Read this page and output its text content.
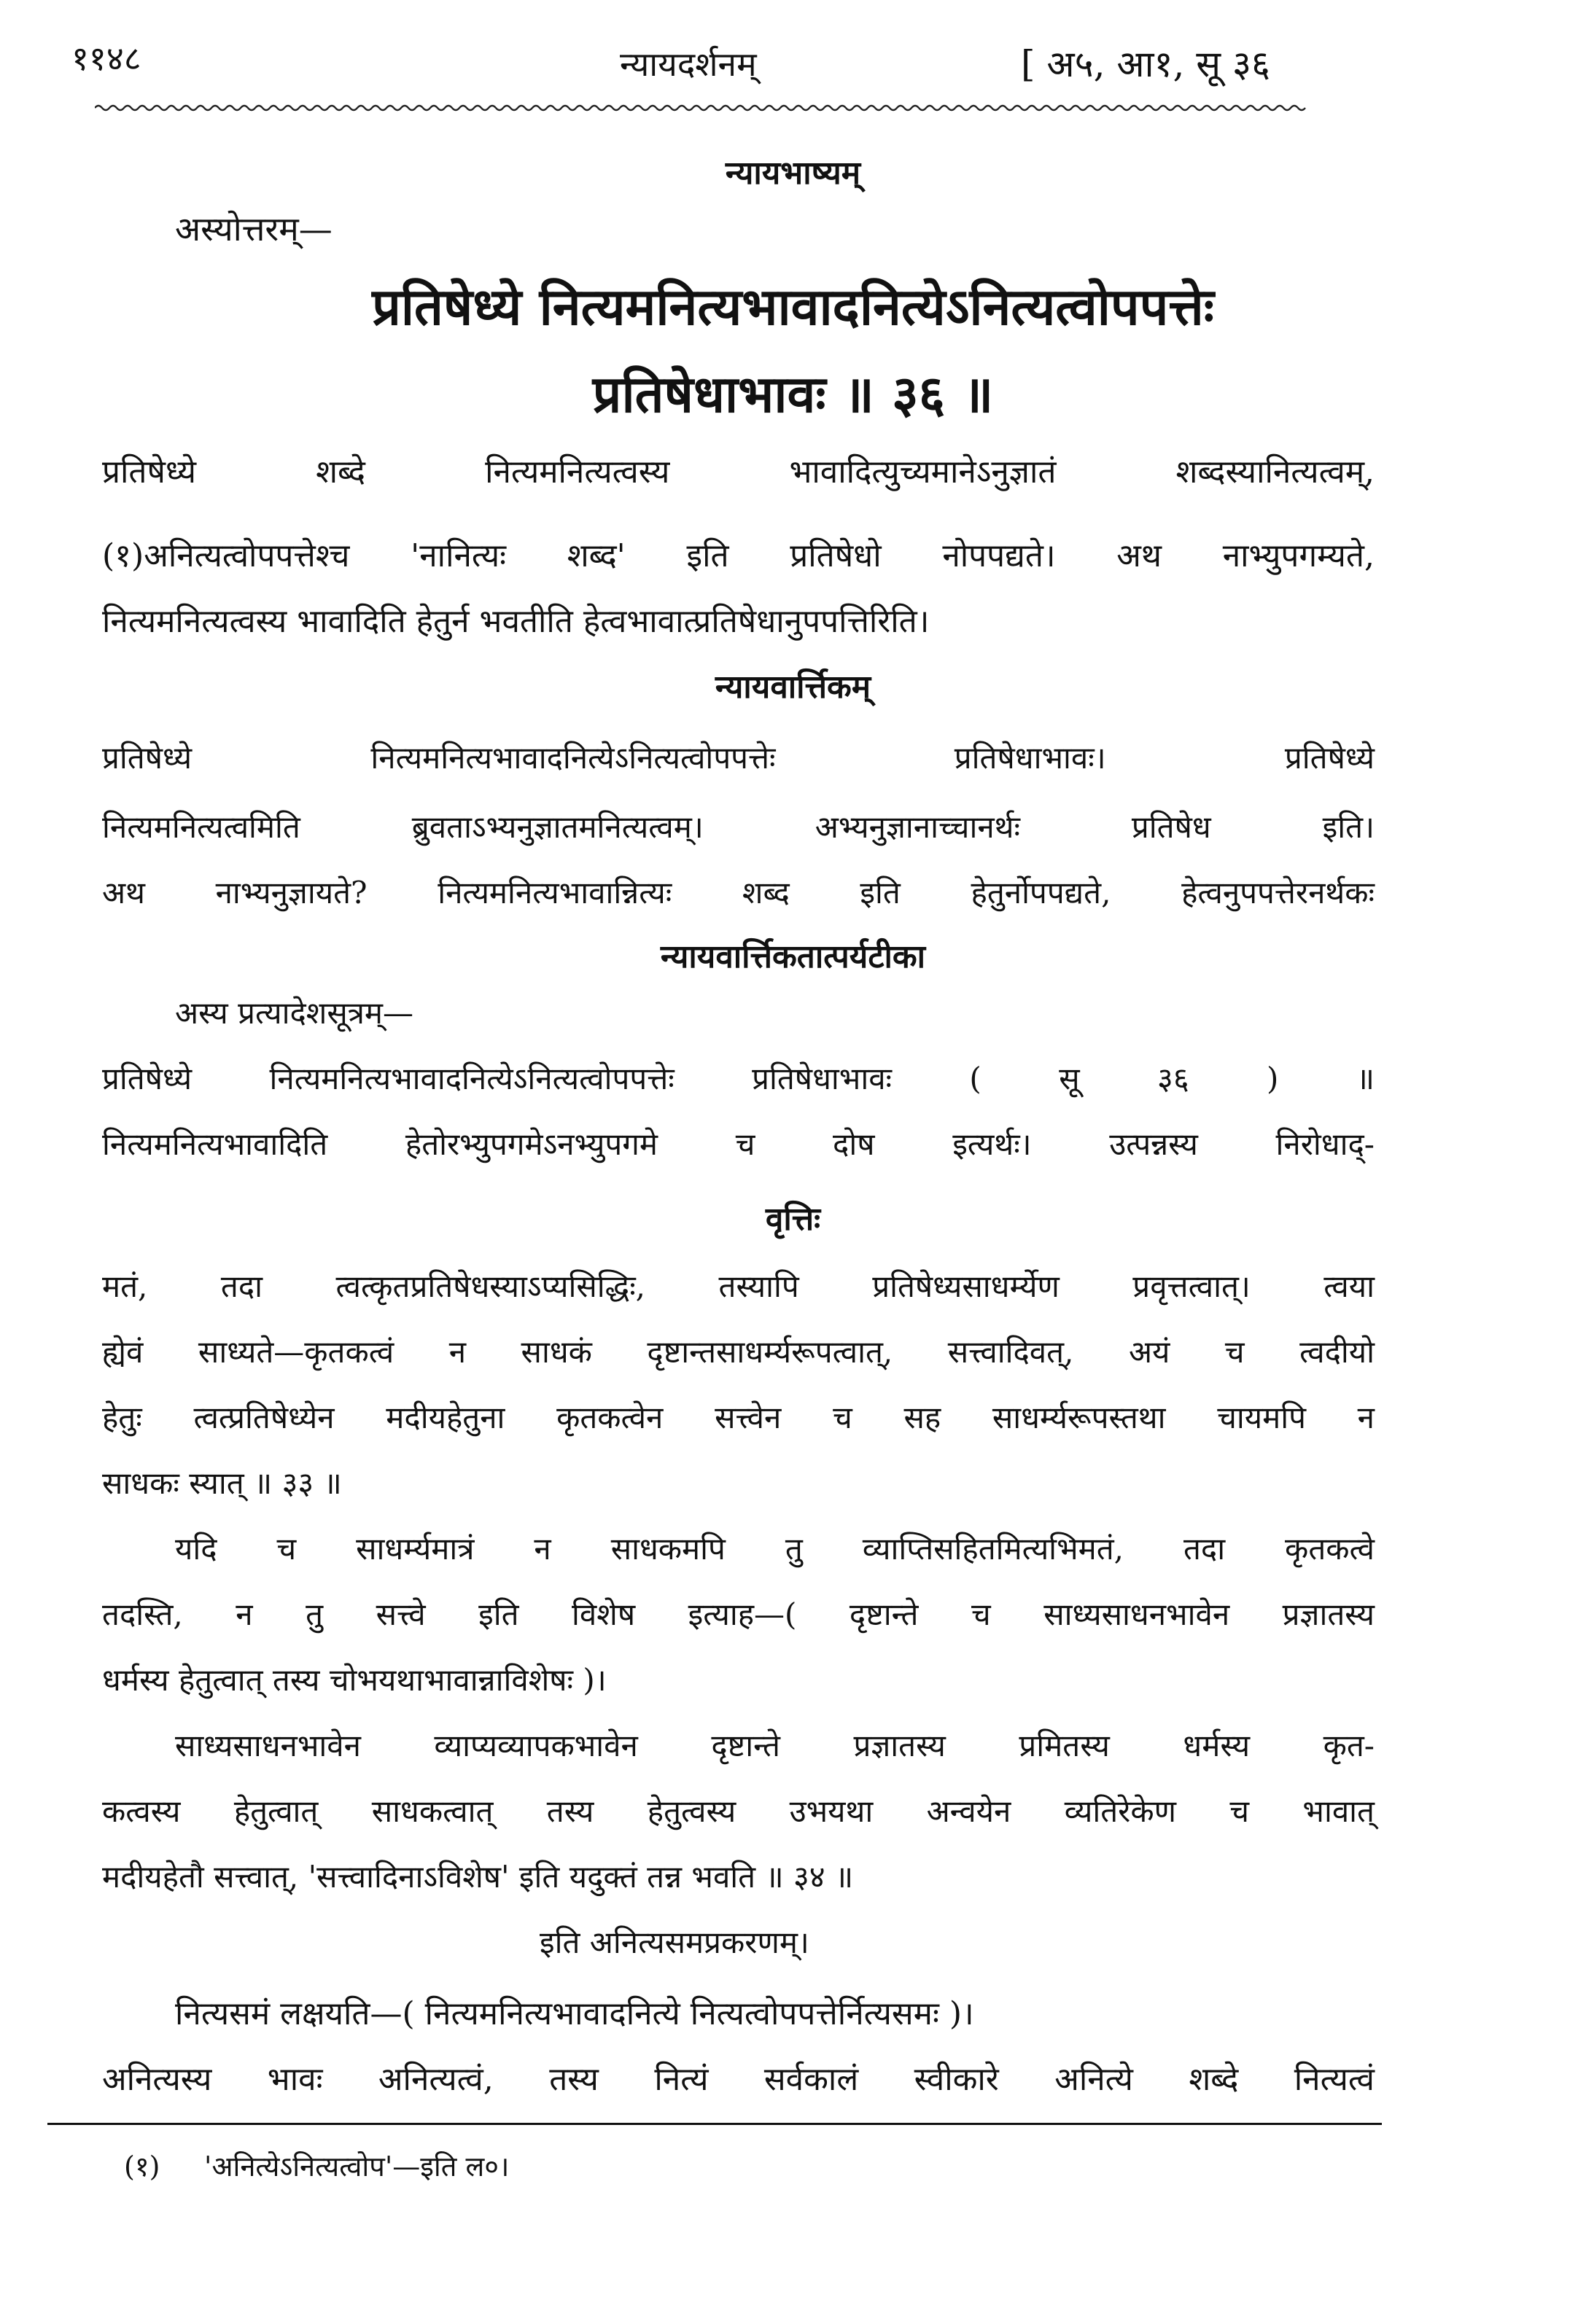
११४८	न्यायदर्शनम्	[ अ५, आ१, सू ३६
न्यायभाष्यम्
अस्योत्तरम्—
प्रतिषेध्ये नित्यमनित्यभावादनित्येऽनित्यत्वोपपत्तेः
प्रतिषेधाभावः ॥ ३६ ॥
प्रतिषेध्ये शब्दे नित्यमनित्यत्वस्य भावादित्युच्यमानेऽनुज्ञातं शब्दस्यानित्यत्वम्,
(१)अनित्यत्वोपपत्तेश्च 'नानित्यः शब्द' इति प्रतिषेधो नोपपद्यते। अथ नाभ्युपगम्यते,
नित्यमनित्यत्वस्य भावादिति हेतुर्न भवतीति हेत्वभावात्प्रतिषेधानुपपत्तिरिति।
न्यायवार्त्तिकम्
प्रतिषेध्ये नित्यमनित्यभावादनित्येऽनित्यत्वोपपत्तेः प्रतिषेधाभावः। प्रतिषेध्ये
नित्यमनित्यत्वमिति ब्रुवताऽभ्यनुज्ञातमनित्यत्वम्। अभ्यनुज्ञानाच्चानर्थः प्रतिषेध इति।
अथ नाभ्यनुज्ञायते? नित्यमनित्यभावान्नित्यः शब्द इति हेतुर्नोपपद्यते, हेत्वनुपपत्तेरनर्थकः
न्यायवार्त्तिकतात्पर्यटीका
अस्य प्रत्यादेशसूत्रम्—
प्रतिषेध्ये नित्यमनित्यभावादनित्येऽनित्यत्वोपपत्तेः प्रतिषेधाभावः ( सू ३६ ) ॥
नित्यमनित्यभावादिति हेतोरभ्युपगमेऽनभ्युपगमे च दोष इत्यर्थः। उत्पन्नस्य निरोधाद्-
वृत्तिः
मतं, तदा त्वत्कृतप्रतिषेधस्याऽप्यसिद्धिः, तस्यापि प्रतिषेध्यसाधर्म्येण प्रवृत्तत्वात्। त्वया
ह्येवं साध्यते—कृतकत्वं न साधकं दृष्टान्तसाधर्म्यरूपत्वात्, सत्त्वादिवत्, अयं च त्वदीयो
हेतुः त्वत्प्रतिषेध्येन मदीयहेतुना कृतकत्वेन सत्त्वेन च सह साधर्म्यरूपस्तथा चायमपि न
साधकः स्यात् ॥ ३३ ॥
यदि च साधर्म्यमात्रं न साधकमपि तु व्याप्तिसहितमित्यभिमतं, तदा कृतकत्वे
तदस्ति, न तु सत्त्वे इति विशेष इत्याह—( दृष्टान्ते च साध्यसाधनभावेन प्रज्ञातस्य
धर्मस्य हेतुत्वात् तस्य चोभयथाभावान्नाविशेषः )।
साध्यसाधनभावेन व्याप्यव्यापकभावेन दृष्टान्ते प्रज्ञातस्य प्रमितस्य धर्मस्य कृत-
कत्वस्य हेतुत्वात् साधकत्वात् तस्य हेतुत्वस्य उभयथा अन्वयेन व्यतिरेकेण च भावात्
मदीयहेतौ सत्त्वात्, 'सत्त्वादिनाऽविशेष' इति यदुक्तं तन्न भवति ॥ ३४ ॥
इति अनित्यसमप्रकरणम्।
नित्यसमं लक्षयति—( नित्यमनित्यभावादनित्ये नित्यत्वोपपत्तेर्नित्यसमः )।
अनित्यस्य भावः अनित्यत्वं, तस्य नित्यं सर्वकालं स्वीकारे अनित्ये शब्दे नित्यत्वं
(१) 'अनित्येऽनित्यत्वोप'—इति ल०।
